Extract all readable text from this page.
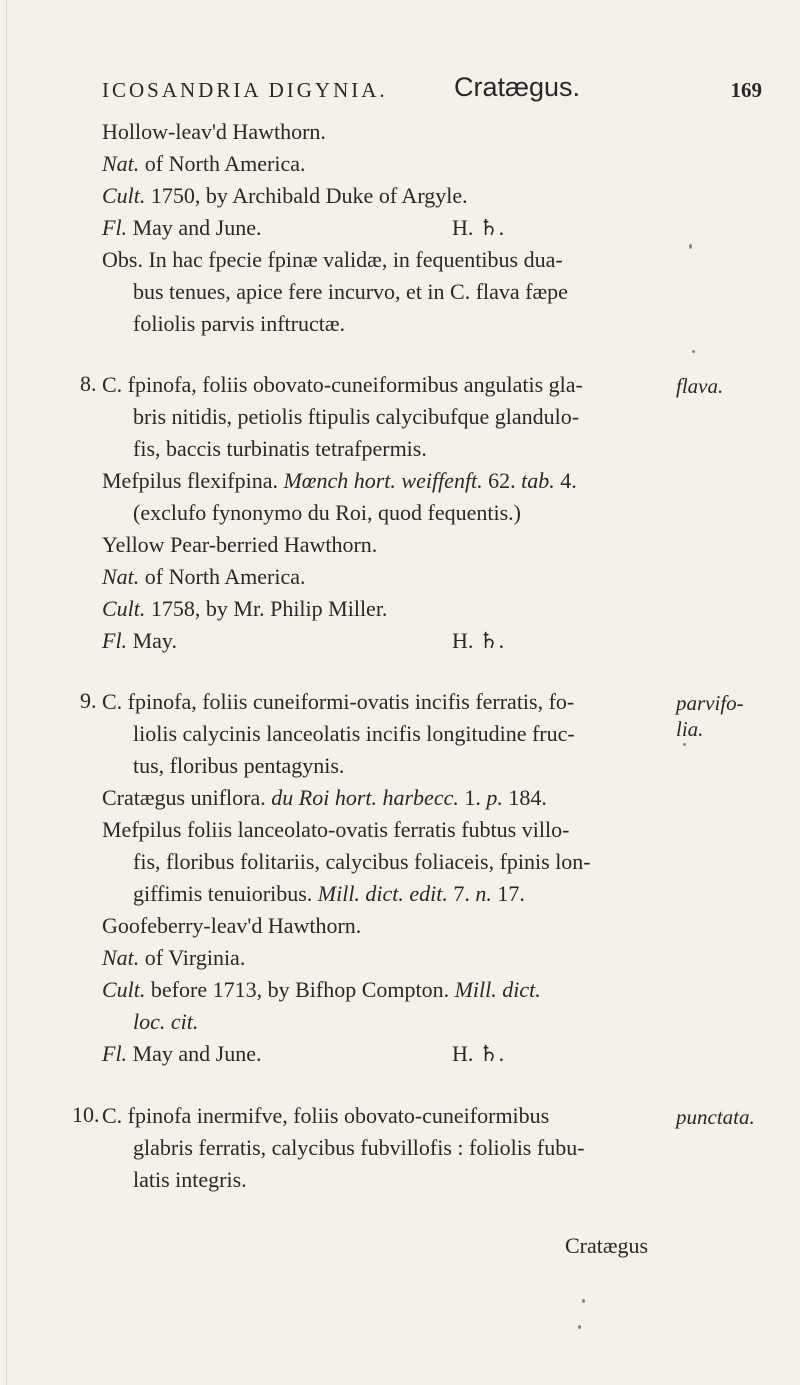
ICOSANDRIA DIGYNIA. Cratægus.	169
Hollow-leav'd Hawthorn.
Nat. of North America.
Cult. 1750, by Archibald Duke of Argyle.
Fl. May and June.	H. ♄.
Obs. In hac fpecie fpinæ validæ, in fequentibus dua-
bus tenues, apice fere incurvo, et in C. flava fæpe
foliolis parvis inftructæ.
8. C. fpinofa, foliis obovato-cuneiformibus angulatis gla-	flava.
bris nitidis, petiolis ftipulis calycibufque glandulo-
fis, baccis turbinatis tetrafpermis.
Mefpilus flexifpina. Mœnch hort. weiffenft. 62. tab. 4.
(exclufo fynonymo du Roi, quod fequentis.)
Yellow Pear-berried Hawthorn.
Nat. of North America.
Cult. 1758, by Mr. Philip Miller.
Fl. May.	H. ♄.
9. C. fpinofa, foliis cuneiformi-ovatis incifis ferratis, fo-	parvifo-
lia.
liolis calycinis lanceolatis incifis longitudine fruc-
tus, floribus pentagynis.
Cratægus uniflora. du Roi hort. harbecc. 1. p. 184.
Mefpilus foliis lanceolato-ovatis ferratis fubtus villo-
fis, floribus folitariis, calycibus foliaceis, fpinis lon-
giffimis tenuioribus. Mill. dict. edit. 7. n. 17.
Goofeberry-leav'd Hawthorn.
Nat. of Virginia.
Cult. before 1713, by Bifhop Compton. Mill. dict.
loc. cit.
Fl. May and June.	H. ♄.
10. C. fpinofa inermifve, foliis obovato-cuneiformibus	punctata.
glabris ferratis, calycibus fubvillofis : foliolis fubu-
latis integris.
Cratægus
